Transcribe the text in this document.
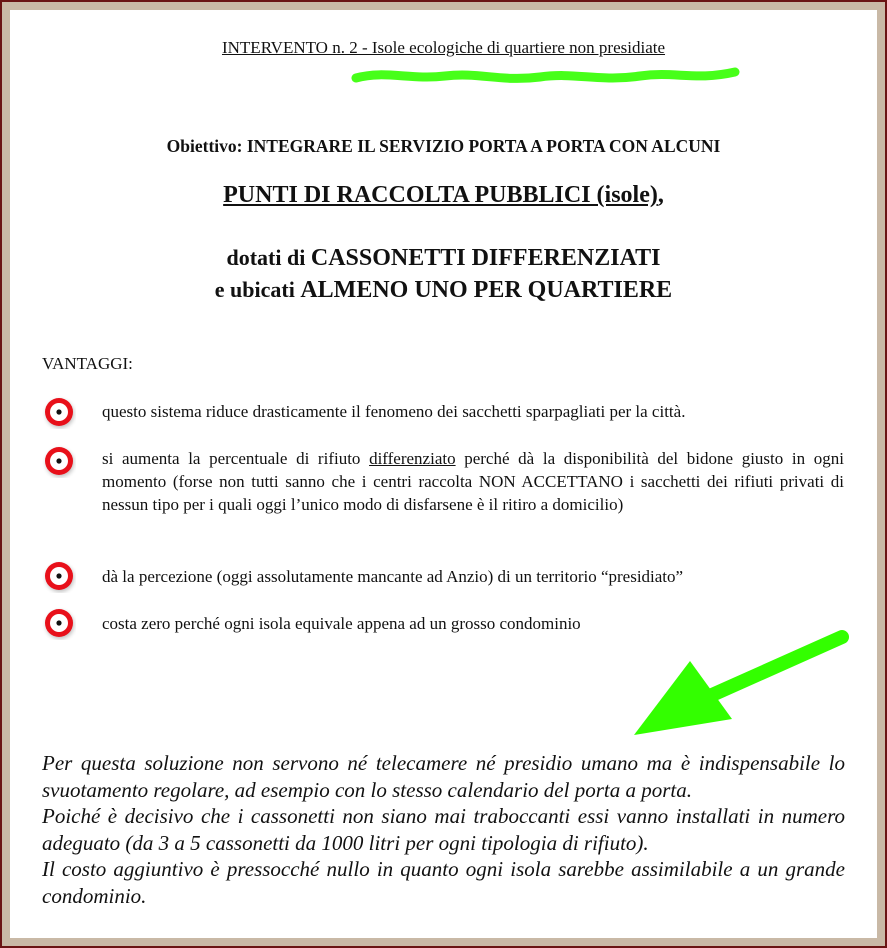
INTERVENTO n. 2 - Isole ecologiche di quartiere non presidiate
Obiettivo: INTEGRARE IL SERVIZIO PORTA A PORTA CON ALCUNI
PUNTI DI RACCOLTA PUBBLICI (isole),
dotati di CASSONETTI DIFFERENZIATI
e ubicati ALMENO UNO PER QUARTIERE
VANTAGGI:
questo sistema riduce drasticamente il fenomeno dei sacchetti sparpagliati per la città.
si aumenta la percentuale di rifiuto differenziato perché dà la disponibilità del bidone giusto in ogni momento (forse non tutti sanno che i centri raccolta NON ACCETTANO i sacchetti dei rifiuti privati di nessun tipo per i quali oggi l’unico modo di disfarsene è il ritiro a domicilio)
dà la percezione (oggi assolutamente mancante ad Anzio) di un territorio “presidiato”
costa zero perché ogni isola equivale appena ad un grosso condominio

Per questa soluzione non servono né telecamere né presidio umano ma è indispensabile lo svuotamento regolare, ad esempio con lo stesso calendario del porta a porta.

Poiché è decisivo che i cassonetti non siano mai traboccanti essi vanno installati in numero adeguato (da 3 a 5 cassonetti da 1000 litri per ogni tipologia di rifiuto).

Il costo aggiuntivo è pressocché nullo in quanto ogni isola sarebbe assimilabile a un grande condominio.
